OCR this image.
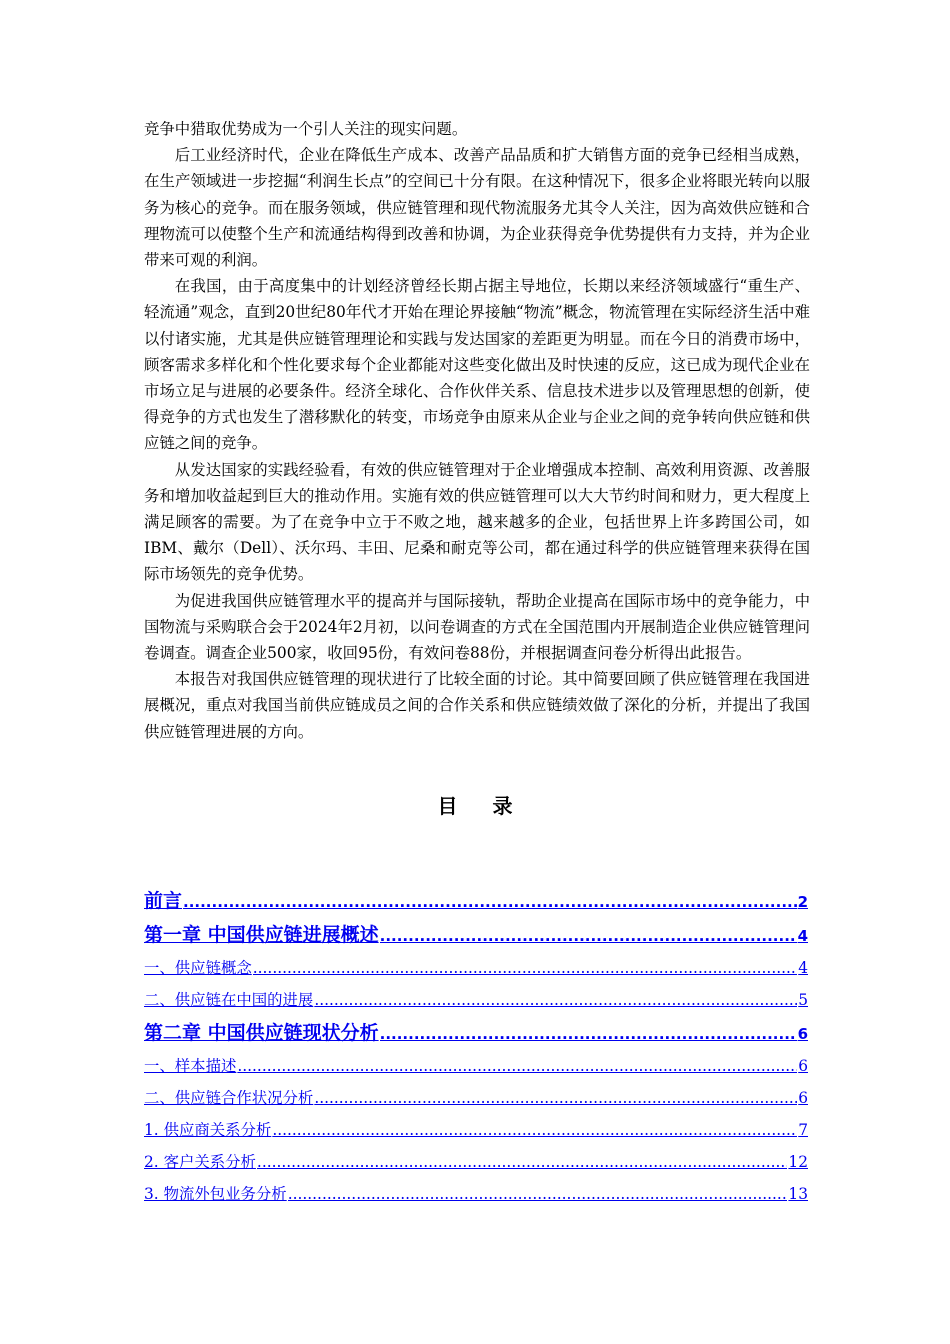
竞争中猎取优势成为一个引人关注的现实问题。

后工业经济时代，企业在降低生产成本、改善产品品质和扩大销售方面的竞争已经相当成熟，在生产领域进一步挖掘“利润生长点”的空间已十分有限。在这种情况下，很多企业将眼光转向以服务为核心的竞争。而在服务领域，供应链管理和现代物流服务尤其令人关注，因为高效供应链和合理物流可以使整个生产和流通结构得到改善和协调，为企业获得竞争优势提供有力支持，并为企业带来可观的利润。

在我国，由于高度集中的计划经济曾经长期占据主导地位，长期以来经济领域盛行“重生产、轻流通”观念，直到20世纪80年代才开始在理论界接触“物流”概念，物流管理在实际经济生活中难以付诸实施，尤其是供应链管理理论和实践与发达国家的差距更为明显。而在今日的消费市场中，顾客需求多样化和个性化要求每个企业都能对这些变化做出及时快速的反应，这已成为现代企业在市场立足与进展的必要条件。经济全球化、合作伙伴关系、信息技术进步以及管理思想的创新，使得竞争的方式也发生了潜移默化的转变，市场竞争由原来从企业与企业之间的竞争转向供应链和供应链之间的竞争。

从发达国家的实践经验看，有效的供应链管理对于企业增强成本控制、高效利用资源、改善服务和增加收益起到巨大的推动作用。实施有效的供应链管理可以大大节约时间和财力，更大程度上满足顾客的需要。为了在竞争中立于不败之地，越来越多的企业，包括世界上许多跨国公司，如IBM、戴尔（Dell）、沃尔玛、丰田、尼桑和耐克等公司，都在通过科学的供应链管理来获得在国际市场领先的竞争优势。

为促进我国供应链管理水平的提高并与国际接轨，帮助企业提高在国际市场中的竞争能力，中国物流与采购联合会于2024年2月初，以问卷调查的方式在全国范围内开展制造企业供应链管理问卷调查。调查企业500家，收回95份，有效问卷88份，并根据调查问卷分析得出此报告。

本报告对我国供应链管理的现状进行了比较全面的讨论。其中简要回顾了供应链管理在我国进展概况，重点对我国当前供应链成员之间的合作关系和供应链绩效做了深化的分析，并提出了我国供应链管理进展的方向。

目 录
前言 .....	2
第一章 中国供应链进展概述 .....	4
一、供应链概念 .....	4
二、供应链在中国的进展 .....	5
第二章 中国供应链现状分析 .....	6
一、样本描述 .....	6
二、供应链合作状况分析 .....	6
1. 供应商关系分析 .....	7
2. 客户关系分析 .....	12
3. 物流外包业务分析 .....	13
